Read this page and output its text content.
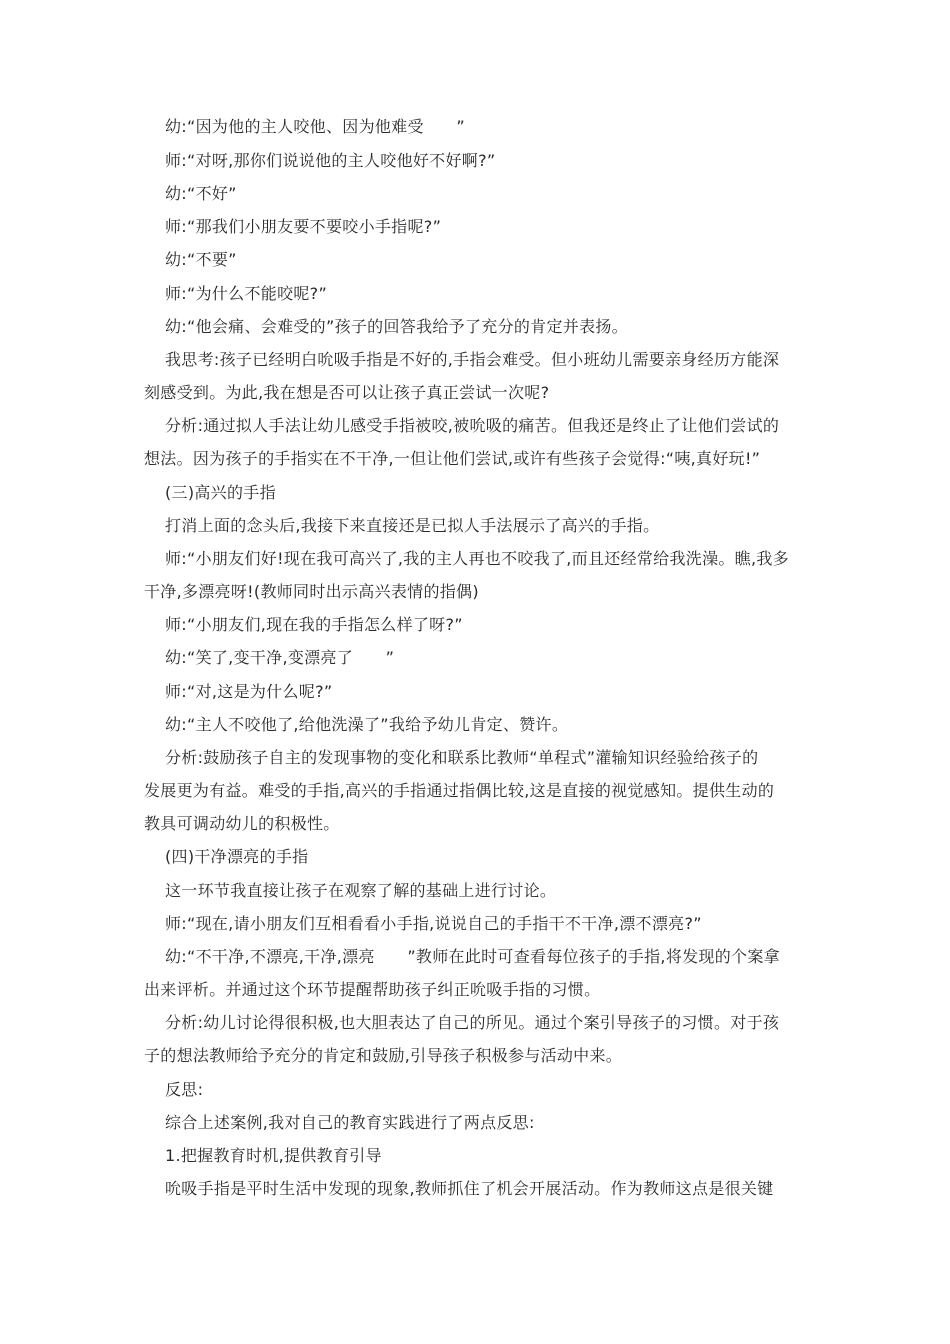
幼:“因为他的主人咬他、因为他难受　　”
师:“对呀,那你们说说他的主人咬他好不好啊?”
幼:“不好”
师:“那我们小朋友要不要咬小手指呢?”
幼:“不要”
师:“为什么不能咬呢?”
幼:“他会痛、会难受的”孩子的回答我给予了充分的肯定并表扬。
我思考:孩子已经明白吮吸手指是不好的,手指会难受。但小班幼儿需要亲身经历方能深
刻感受到。为此,我在想是否可以让孩子真正尝试一次呢?
分析:通过拟人手法让幼儿感受手指被咬,被吮吸的痛苦。但我还是终止了让他们尝试的
想法。因为孩子的手指实在不干净,一但让他们尝试,或许有些孩子会觉得:“咦,真好玩!”
(三)高兴的手指
打消上面的念头后,我接下来直接还是已拟人手法展示了高兴的手指。
师:“小朋友们好!现在我可高兴了,我的主人再也不咬我了,而且还经常给我洗澡。瞧,我多
干净,多漂亮呀!(教师同时出示高兴表情的指偶)
师:“小朋友们,现在我的手指怎么样了呀?”
幼:“笑了,变干净,变漂亮了　　”
师:“对,这是为什么呢?”
幼:“主人不咬他了,给他洗澡了”我给予幼儿肯定、赞许。
分析:鼓励孩子自主的发现事物的变化和联系比教师“单程式”灌输知识经验给孩子的
发展更为有益。难受的手指,高兴的手指通过指偶比较,这是直接的视觉感知。提供生动的
教具可调动幼儿的积极性。
(四)干净漂亮的手指
这一环节我直接让孩子在观察了解的基础上进行讨论。
师:“现在,请小朋友们互相看看小手指,说说自己的手指干不干净,漂不漂亮?”
幼:“不干净,不漂亮,干净,漂亮　　”教师在此时可查看每位孩子的手指,将发现的个案拿
出来评析。并通过这个环节提醒帮助孩子纠正吮吸手指的习惯。
分析:幼儿讨论得很积极,也大胆表达了自己的所见。通过个案引导孩子的习惯。对于孩
子的想法教师给予充分的肯定和鼓励,引导孩子积极参与活动中来。
反思:
综合上述案例,我对自己的教育实践进行了两点反思:
1.把握教育时机,提供教育引导
吮吸手指是平时生活中发现的现象,教师抓住了机会开展活动。作为教师这点是很关键
